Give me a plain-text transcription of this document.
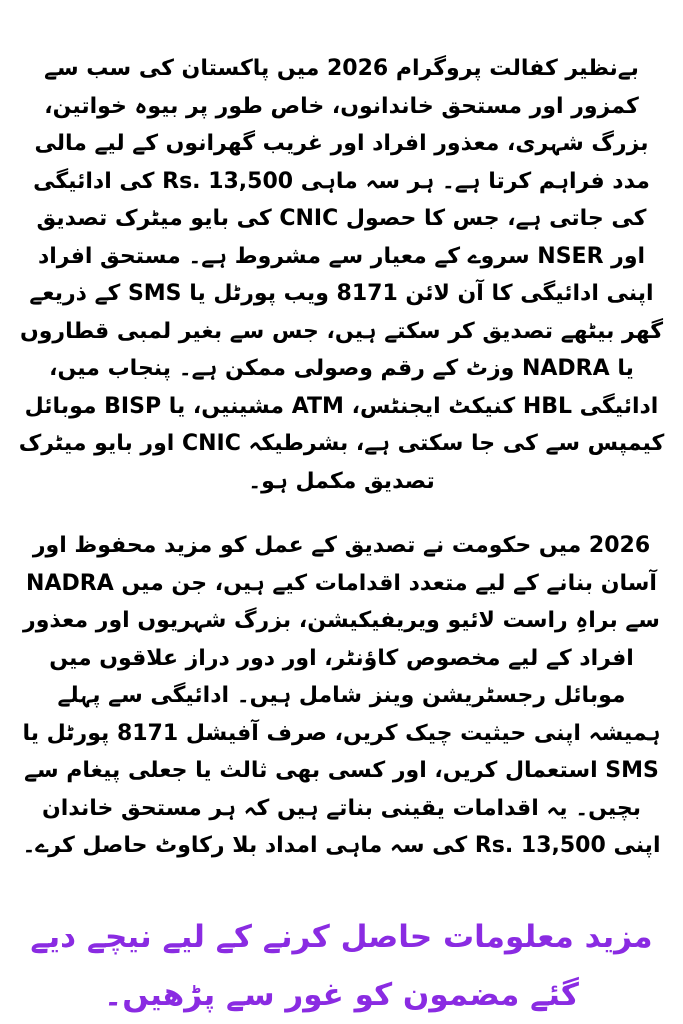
بےنظیر کفالت پروگرام 2026 میں پاکستان کی سب سے کمزور اور مستحق خاندانوں، خاص طور پر بیوہ خواتین، بزرگ شہری، معذور افراد اور غریب گھرانوں کے لیے مالی مدد فراہم کرتا ہے۔ ہر سہ ماہی Rs. 13,500 کی ادائیگی کی جاتی ہے، جس کا حصول CNIC کی بایو میٹرک تصدیق اور NSER سروے کے معیار سے مشروط ہے۔ مستحق افراد اپنی ادائیگی کا آن لائن 8171 ویب پورٹل یا SMS کے ذریعے گھر بیٹھے تصدیق کر سکتے ہیں، جس سے بغیر لمبی قطاروں یا NADRA وزٹ کے رقم وصولی ممکن ہے۔ پنجاب میں، ادائیگی HBL کنیکٹ ایجنٹس، ATM مشینیں، یا BISP موبائل کیمپس سے کی جا سکتی ہے، بشرطیکہ CNIC اور بایو میٹرک تصدیق مکمل ہو۔

2026 میں حکومت نے تصدیق کے عمل کو مزید محفوظ اور آسان بنانے کے لیے متعدد اقدامات کیے ہیں، جن میں NADRA سے براہِ راست لائیو ویریفیکیشن، بزرگ شہریوں اور معذور افراد کے لیے مخصوص کاؤنٹر، اور دور دراز علاقوں میں موبائل رجسٹریشن وینز شامل ہیں۔ ادائیگی سے پہلے ہمیشہ اپنی حیثیت چیک کریں، صرف آفیشل 8171 پورٹل یا SMS استعمال کریں، اور کسی بھی ثالث یا جعلی پیغام سے بچیں۔ یہ اقدامات یقینی بناتے ہیں کہ ہر مستحق خاندان اپنی Rs. 13,500 کی سہ ماہی امداد بلا رکاوٹ حاصل کرے۔

مزید معلومات حاصل کرنے کے لیے نیچے دیے گئے مضمون کو غور سے پڑھیں۔
